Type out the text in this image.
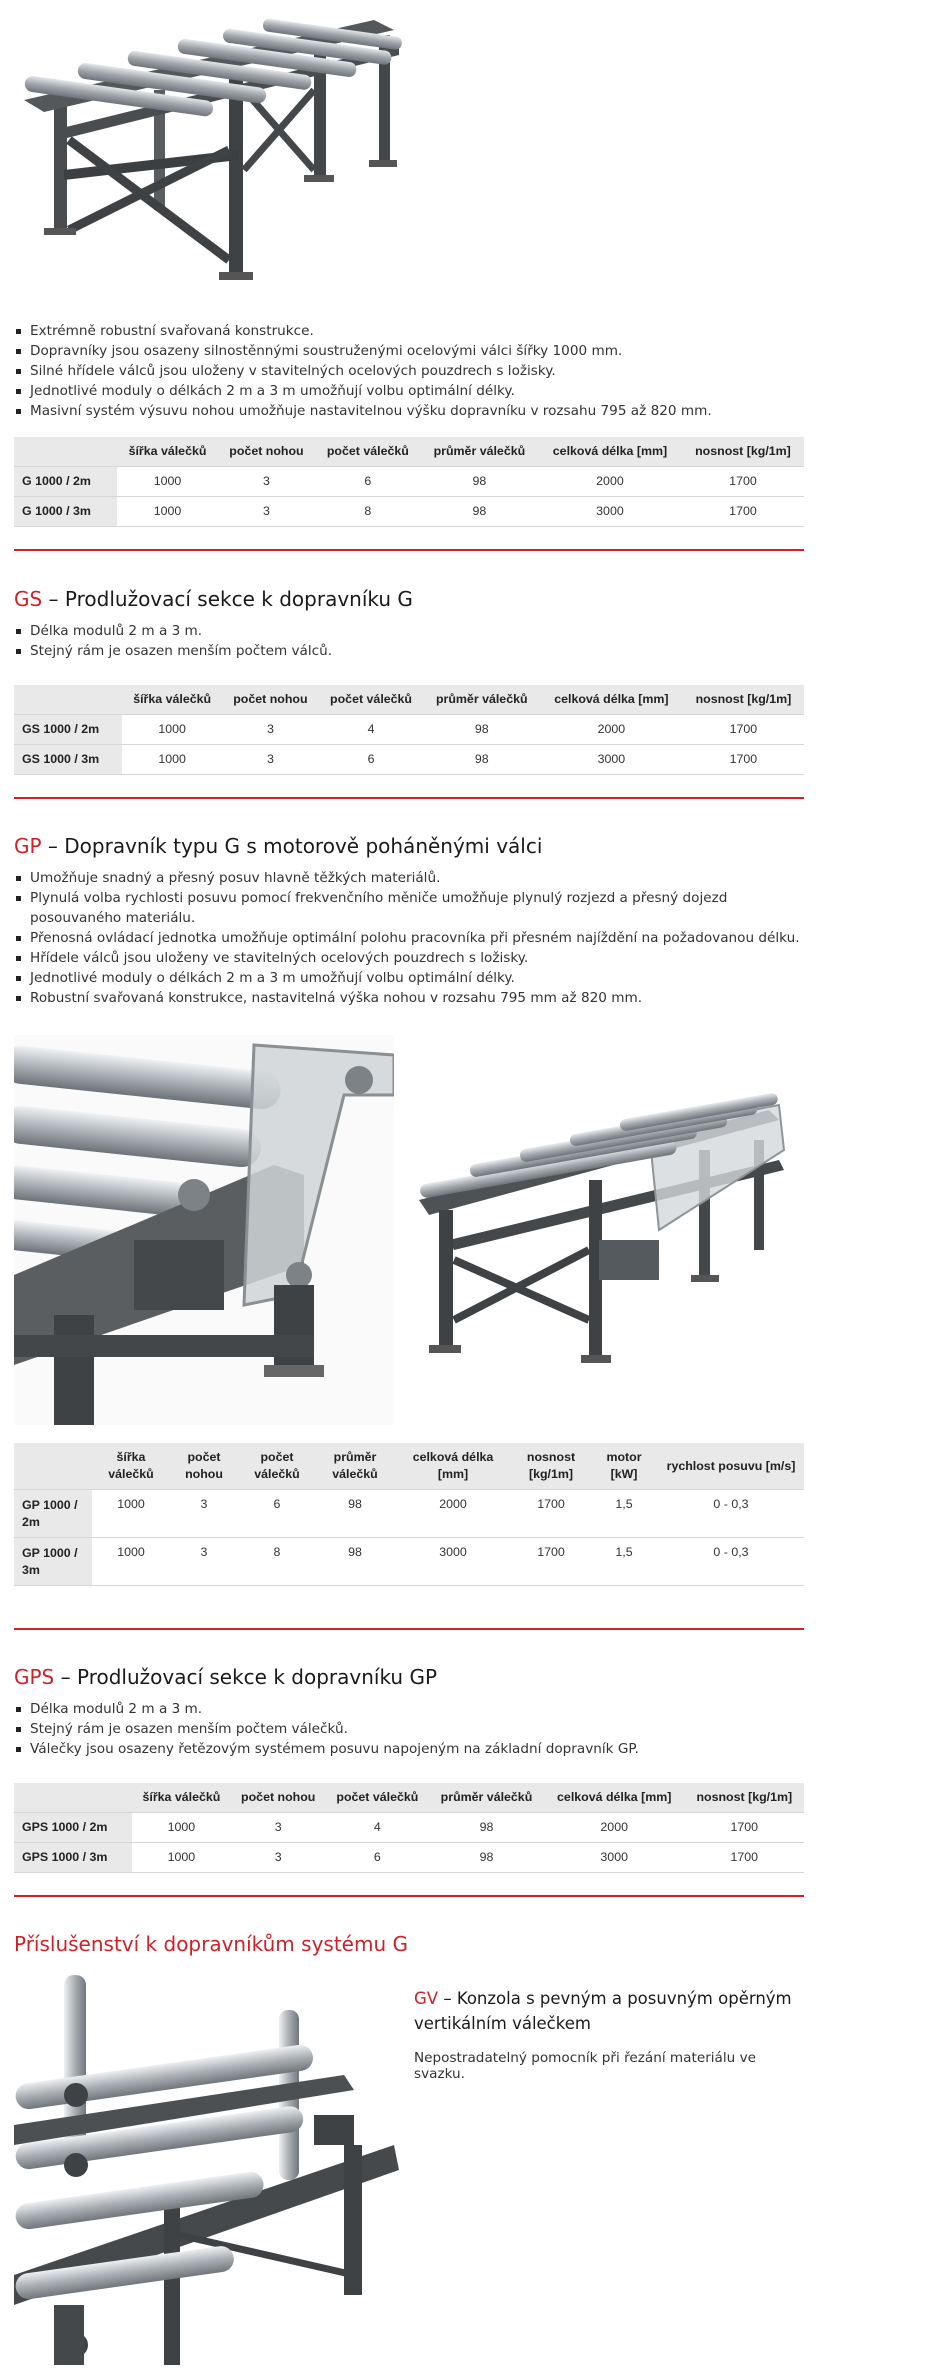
Extrémně robustní svařovaná konstrukce.
Dopravníky jsou osazeny silnostěnnými soustruženými ocelovými válci šířky 1000 mm.
Silné hřídele válců jsou uloženy v stavitelných ocelových pouzdrech s ložisky.
Jednotlivé moduly o délkách 2 m a 3 m umožňují volbu optimální délky.
Masivní systém výsuvu nohou umožňuje nastavitelnou výšku dopravníku v rozsahu 795 až 820 mm.
	šířka válečků	počet nohou	počet válečků	průměr válečků	celková délka [mm]	nosnost [kg/1m]
G 1000 / 2m	1000	3	6	98	2000	1700
G 1000 / 3m	1000	3	8	98	3000	1700
GS – Prodlužovací sekce k dopravníku G
Délka modulů 2 m a 3 m.
Stejný rám je osazen menším počtem válců.
	šířka válečků	počet nohou	počet válečků	průměr válečků	celková délka [mm]	nosnost [kg/1m]
GS 1000 / 2m	1000	3	4	98	2000	1700
GS 1000 / 3m	1000	3	6	98	3000	1700
GP – Dopravník typu G s motorově poháněnými válci
Umožňuje snadný a přesný posuv hlavně těžkých materiálů.
Plynulá volba rychlosti posuvu pomocí frekvenčního měniče umožňuje plynulý rozjezd a přesný dojezd posouvaného materiálu.
Přenosná ovládací jednotka umožňuje optimální polohu pracovníka při přesném najíždění na požadovanou délku.
Hřídele válců jsou uloženy ve stavitelných ocelových pouzdrech s ložisky.
Jednotlivé moduly o délkách 2 m a 3 m umožňují volbu optimální délky.
Robustní svařovaná konstrukce, nastavitelná výška nohou v rozsahu 795 mm až 820 mm.
	šířka válečků	počet nohou	počet válečků	průměr válečků	celková délka [mm]	nosnost [kg/1m]	motor [kW]	rychlost posuvu [m/s]
GP 1000 / 2m	1000	3	6	98	2000	1700	1,5	0 - 0,3
GP 1000 / 3m	1000	3	8	98	3000	1700	1,5	0 - 0,3
GPS – Prodlužovací sekce k dopravníku GP
Délka modulů 2 m a 3 m.
Stejný rám je osazen menším počtem válečků.
Válečky jsou osazeny řetězovým systémem posuvu napojeným na základní dopravník GP.
	šířka válečků	počet nohou	počet válečků	průměr válečků	celková délka [mm]	nosnost [kg/1m]
GPS 1000 / 2m	1000	3	4	98	2000	1700
GPS 1000 / 3m	1000	3	6	98	3000	1700
Příslušenství k dopravníkům systému G
GV – Konzola s pevným a posuvným opěrným vertikálním válečkem
Nepostradatelný pomocník při řezání materiálu ve svazku.
